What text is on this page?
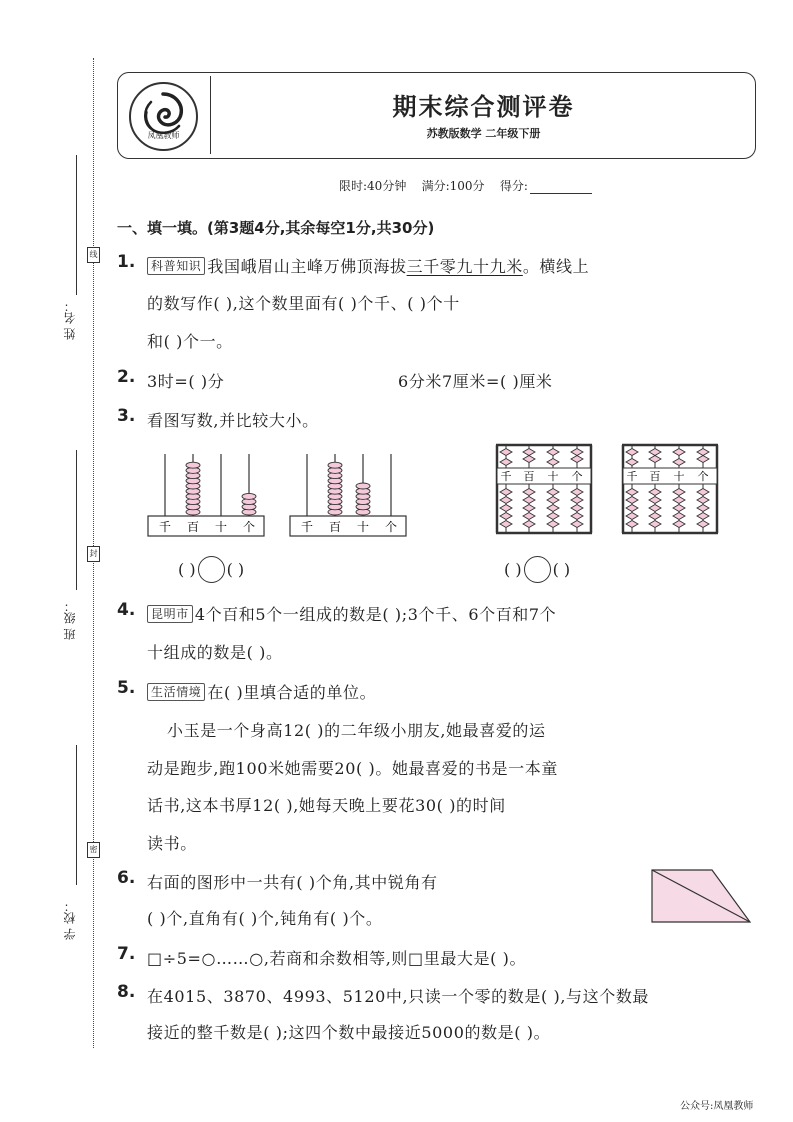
姓 名：
班 级：
学 校：
线
封
密
凤凰教师
期末综合测评卷
苏教版数学 二年级下册
限时:40分钟 满分:100分 得分:
一、填一填。(第3题4分,其余每空1分,共30分)
1.	科普知识 我国峨眉山主峰万佛顶海拔三千零九十九米。横线上
的数写作( ),这个数里面有( )个千、( )个十
和( )个一。
2. 3时=( )分	6分米7厘米=( )厘米
3. 看图写数,并比较大小。
千 百 十 个	千 百 十 个
千 百 十 个	千 百 十 个
( ) ( )	( ) ( )
4.	昆明市 4个百和5个一组成的数是( );3个千、6个百和7个
十组成的数是( )。
5.	生活情境 在( )里填合适的单位。
小玉是一个身高12( )的二年级小朋友,她最喜爱的运
动是跑步,跑100米她需要20( )。她最喜爱的书是一本童
话书,这本书厚12( ),她每天晚上要花30( )的时间
读书。
6. 右面的图形中一共有( )个角,其中锐角有
( )个,直角有( )个,钝角有( )个。
7. □÷5=○……○,若商和余数相等,则□里最大是( )。
8. 在4015、3870、4993、5120中,只读一个零的数是( ),与这个数最
接近的整千数是( );这四个数中最接近5000的数是( )。
公众号:凤凰教师
